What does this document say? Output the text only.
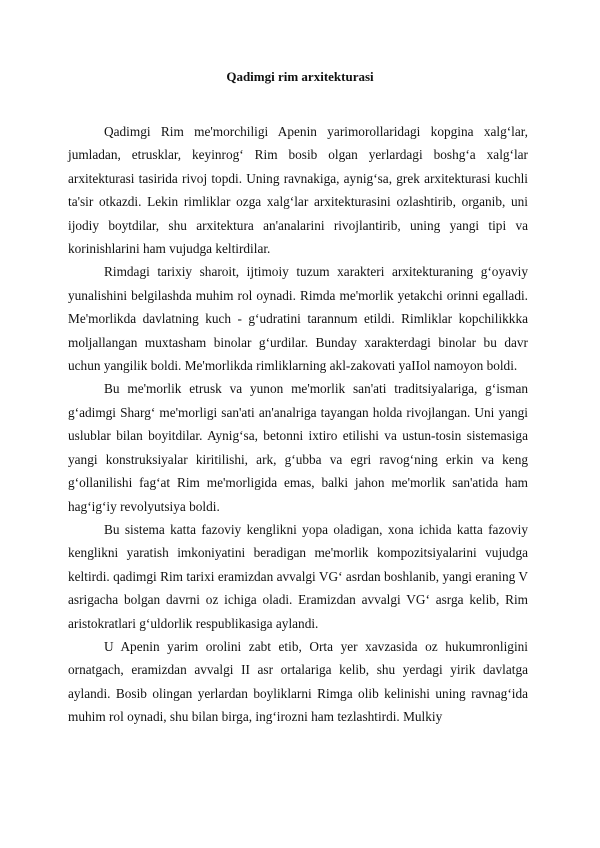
Qadimgi rim arxitekturasi

Qadimgi Rim me'morchiligi Apenin yarimorollaridagi kopgina xalg‘lar, jumladan, etrusklar, keyinrog‘ Rim bosib olgan yerlardagi boshg‘a xalg‘lar arxitekturasi tasirida rivoj topdi. Uning ravnakiga, aynig‘sa, grek arxitekturasi kuchli ta'sir otkazdi. Lekin rimliklar ozga xalg‘lar arxitekturasini ozlashtirib, organib, uni ijodiy boytdilar, shu arxitektura an'analarini rivojlantirib, uning yangi tipi va korinishlarini ham vujudga keltirdilar.

Rimdagi tarixiy sharoit, ijtimoiy tuzum xarakteri arxitekturaning g‘oyaviy yunalishini belgilashda muhim rol oynadi. Rimda me'morlik yetakchi orinni egalladi. Me'morlikda davlatning kuch - g‘udratini tarannum etildi. Rimliklar kopchilikkka moljallangan muxtasham binolar g‘urdilar. Bunday xarakterdagi binolar bu davr uchun yangilik boldi. Me'morlikda rimliklarning akl-zakovati yaIIol namoyon boldi.

Bu me'morlik etrusk va yunon me'morlik san'ati traditsiyalariga, g‘isman g‘adimgi Sharg‘ me'morligi san'ati an'analriga tayangan holda rivojlangan. Uni yangi uslublar bilan boyitdilar. Aynig‘sa, betonni ixtiro etilishi va ustun-tosin sistemasiga yangi konstruksiyalar kiritilishi, ark, g‘ubba va egri ravog‘ning erkin va keng g‘ollanilishi fag‘at Rim me'morligida emas, balki jahon me'morlik san'atida ham hag‘ig‘iy revolyutsiya boldi.

Bu sistema katta fazoviy kenglikni yopa oladigan, xona ichida katta fazoviy kenglikni yaratish imkoniyatini beradigan me'morlik kompozitsiyalarini vujudga keltirdi. qadimgi Rim tarixi eramizdan avvalgi VG‘ asrdan boshlanib, yangi eraning V asrigacha bolgan davrni oz ichiga oladi. Eramizdan avvalgi VG‘ asrga kelib, Rim aristokratlari g‘uldorlik respublikasiga aylandi.

U Apenin yarim orolini zabt etib, Orta yer xavzasida oz hukumronligini ornatgach, eramizdan avvalgi II asr ortalariga kelib, shu yerdagi yirik davlatga aylandi. Bosib olingan yerlardan boyliklarni Rimga olib kelinishi uning ravnag‘ida muhim rol oynadi, shu bilan birga, ing‘irozni ham tezlashtirdi. Mulkiy
